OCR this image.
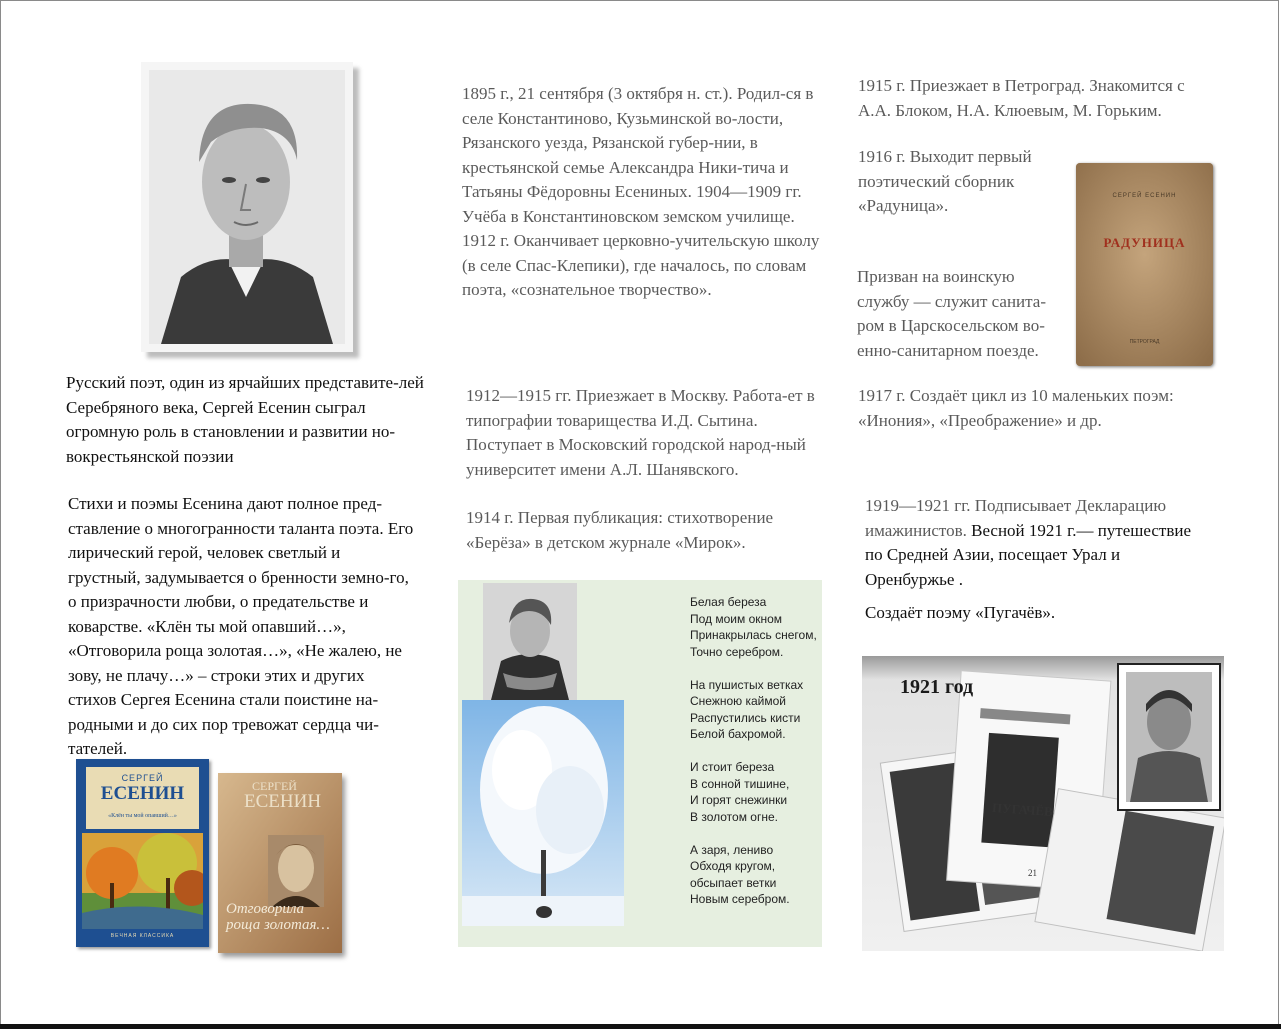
Русский поэт, один из ярчайших представите-лей Серебряного века, Сергей Есенин сыграл огромную роль в становлении и развитии но-вокрестьянской поэзии

Стихи и поэмы Есенина дают полное пред-ставление о многогранности таланта поэта. Его лирический герой, человек светлый и грустный, задумывается о бренности земно-го, о призрачности любви, о предательстве и коварстве. «Клён ты мой опавший…», «Отговорила роща золотая…», «Не жалею, не зову, не плачу…» – строки этих и других стихов Сергея Есенина стали поистине на-родными и до сих пор тревожат сердца чи-тателей.

СЕРГЕЙ
ЕСЕНИН
«Клён ты мой опавший…»
ВЕЧНАЯ КЛАССИКА
СЕРГЕЙ
ЕСЕНИН
Отговорила роща золотая…

1895 г., 21 сентября (3 октября н. ст.). Родил-ся в селе Константиново, Кузьминской во-лости, Рязанского уезда, Рязанской губер-нии, в крестьянской семье Александра Ники-тича и Татьяны Фёдоровны Есениных. 1904—1909 гг. Учёба в Константиновском земском училище. 1912 г. Оканчивает церковно-учительскую школу (в селе Спас-Клепики), где началось, по словам поэта, «сознательное творчество».

1912—1915 гг. Приезжает в Москву. Работа-ет в типографии товарищества И.Д. Сытина. Поступает в Московский городской народ-ный университет имени А.Л. Шанявского.

1914 г. Первая публикация: стихотворение «Берёза» в детском журнале «Мирок».

Белая береза
Под моим окном
Принакрылась снегом,
Точно серебром.

На пушистых ветках
Снежною каймой
Распустились кисти
Белой бахромой.

И стоит береза
В сонной тишине,
И горят снежинки
В золотом огне.

А заря, лениво
Обходя кругом,
обсыпает ветки
Новым серебром.

1915 г. Приезжает в Петроград. Знакомится с А.А. Блоком, Н.А. Клюевым, М. Горьким.

1916 г. Выходит первый поэтический сборник «Радуница».	СЕРГЕЙ ЕСЕНИН
РАДУНИЦА
ПЕТРОГРАД

Призван на воинскую службу — служит санита-ром в Царскосельском во-енно-санитарном поезде.

1917 г. Создаёт цикл из 10 маленьких поэм: «Инония», «Преображение» и др.

1919—1921 гг. Подписывает Декларацию имажинистов. Весной 1921 г.— путешествие по Средней Азии, посещает Урал и Оренбуржье .

Создаёт поэму «Пугачёв».

1921 год
ПУГАЧЁВ
21
